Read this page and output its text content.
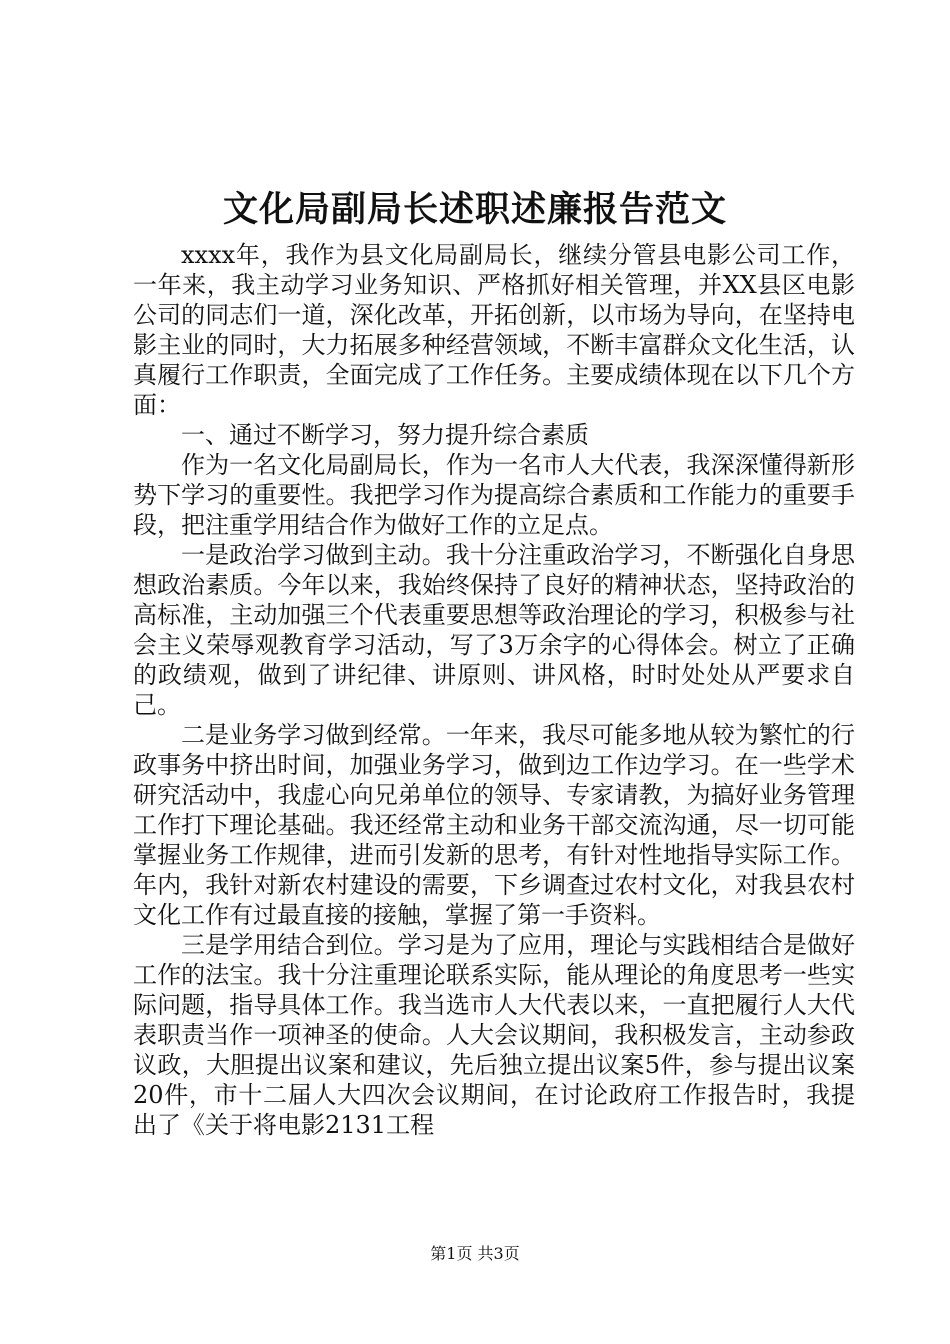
文化局副局长述职述廉报告范文

xxxx年，我作为县文化局副局长，继续分管县电影公司工作，一年来，我主动学习业务知识、严格抓好相关管理，并XX县区电影公司的同志们一道，深化改革，开拓创新，以市场为导向，在坚持电影主业的同时，大力拓展多种经营领域，不断丰富群众文化生活，认真履行工作职责，全面完成了工作任务。主要成绩体现在以下几个方面：

一、通过不断学习，努力提升综合素质

作为一名文化局副局长，作为一名市人大代表，我深深懂得新形势下学习的重要性。我把学习作为提高综合素质和工作能力的重要手段，把注重学用结合作为做好工作的立足点。

一是政治学习做到主动。我十分注重政治学习，不断强化自身思想政治素质。今年以来，我始终保持了良好的精神状态，坚持政治的高标准，主动加强三个代表重要思想等政治理论的学习，积极参与社会主义荣辱观教育学习活动，写了3万余字的心得体会。树立了正确的政绩观，做到了讲纪律、讲原则、讲风格，时时处处从严要求自己。

二是业务学习做到经常。一年来，我尽可能多地从较为繁忙的行政事务中挤出时间，加强业务学习，做到边工作边学习。在一些学术研究活动中，我虚心向兄弟单位的领导、专家请教，为搞好业务管理工作打下理论基础。我还经常主动和业务干部交流沟通，尽一切可能掌握业务工作规律，进而引发新的思考，有针对性地指导实际工作。年内，我针对新农村建设的需要，下乡调查过农村文化，对我县农村文化工作有过最直接的接触，掌握了第一手资料。

三是学用结合到位。学习是为了应用，理论与实践相结合是做好工作的法宝。我十分注重理论联系实际，能从理论的角度思考一些实际问题，指导具体工作。我当选市人大代表以来，一直把履行人大代表职责当作一项神圣的使命。人大会议期间，我积极发言，主动参政议政，大胆提出议案和建议，先后独立提出议案5件，参与提出议案20件，市十二届人大四次会议期间，在讨论政府工作报告时，我提出了《关于将电影2131工程

第1页 共3页
